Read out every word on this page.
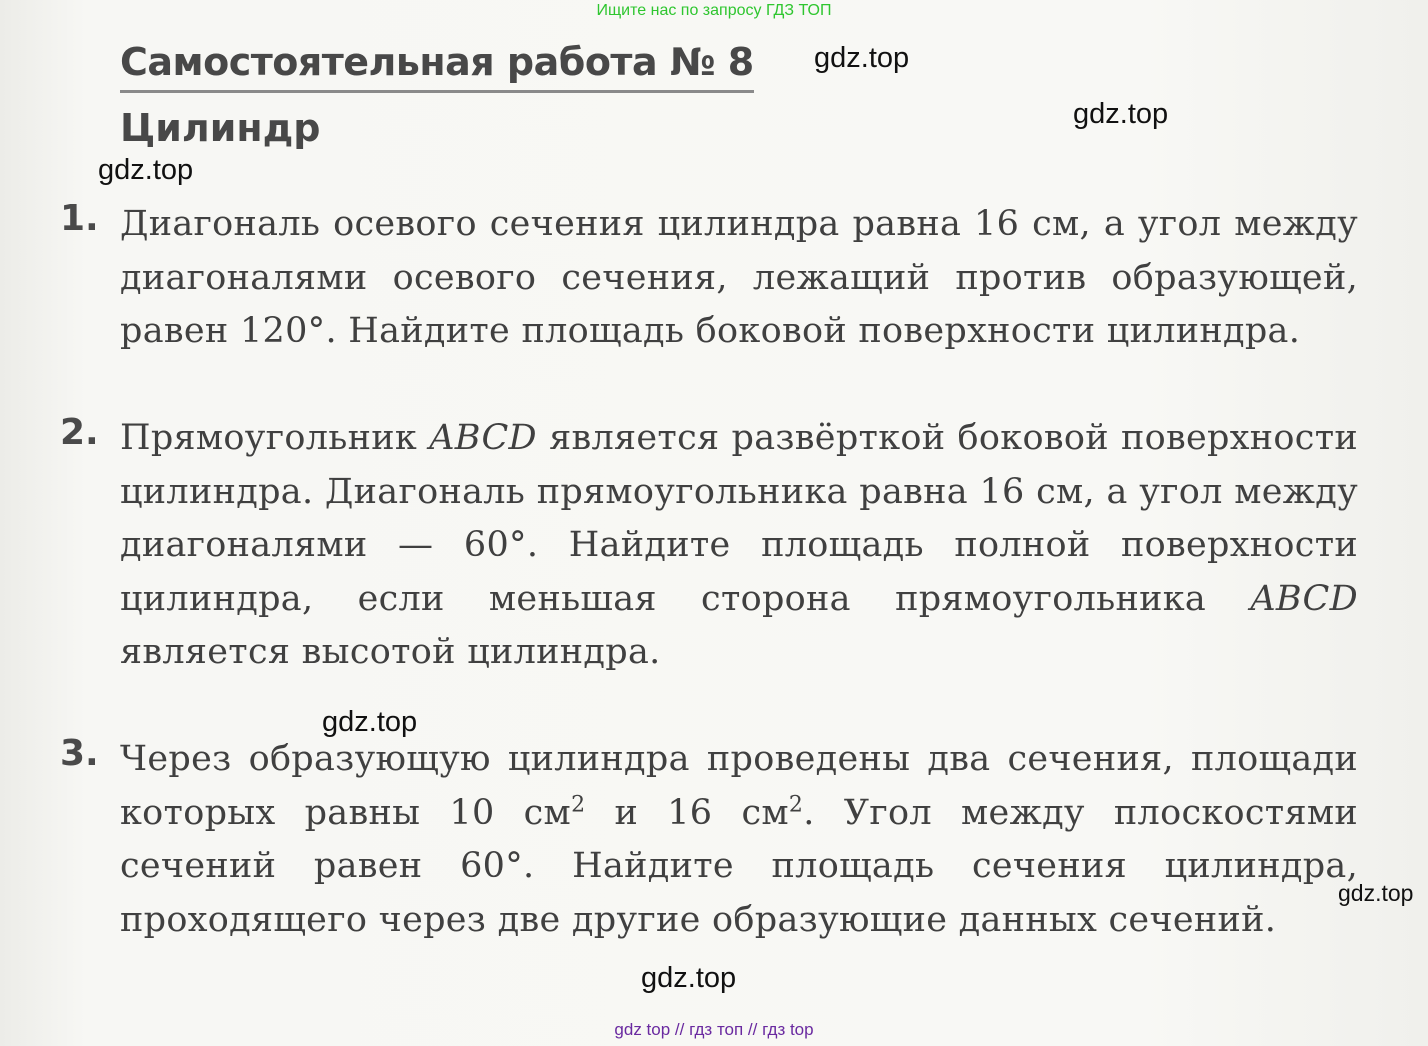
Ищите нас по запросу ГДЗ ТОП
Самостоятельная работа № 8
Цилиндр
gdz.top
gdz.top
gdz.top
1. Диагональ осевого сечения цилиндра равна 16 см, а угол между диагоналями осевого сечения, лежащий против образующей, равен 120°. Найдите площадь боковой поверхности цилиндра.
2. Прямоугольник ABCD является развёрткой боковой поверхности цилиндра. Диагональ прямоугольника равна 16 см, а угол между диагоналями — 60°. Найдите площадь полной поверхности цилиндра, если меньшая сторона прямоугольника ABCD является высотой цилиндра.
gdz.top
3. Через образующую цилиндра проведены два сечения, площади которых равны 10 $см^2$ и 16 $см^2$. Угол между плоскостями сечений равен 60°. Найдите площадь сечения цилиндра, проходящего через две другие образующие данных сечений.
gdz.top
gdz.top
gdz top // гдз топ // гдз top
